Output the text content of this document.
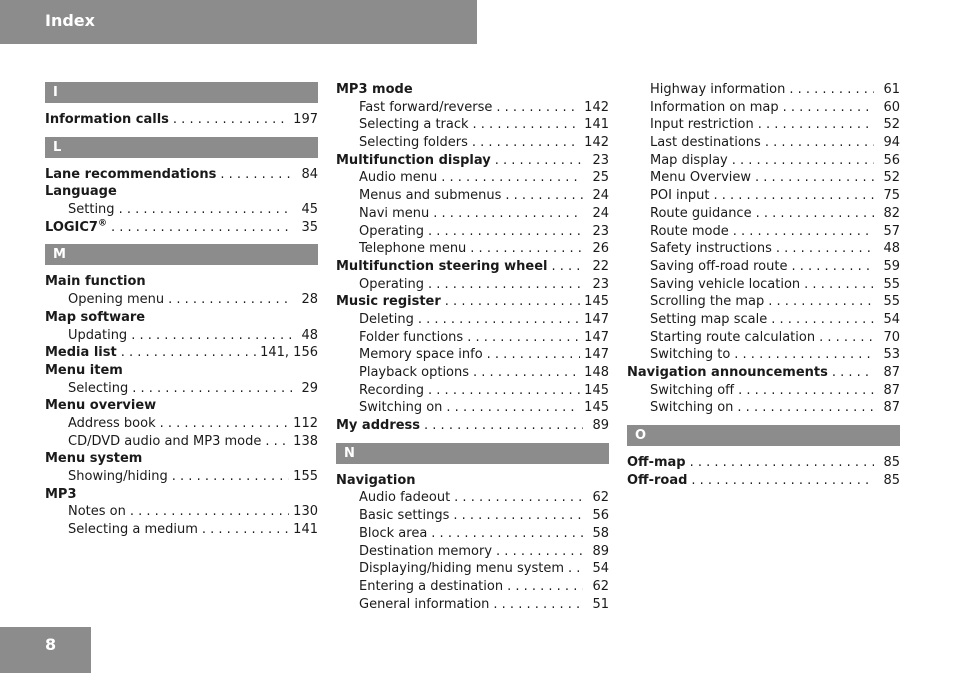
Index
I
Information calls . . .	197
L
Lane recommendations . . .	84
Language
Setting . . .	45
LOGIC7® . . .	35
M
Main function
Opening menu . . .	28
Map software
Updating . . .	48
Media list . . .	141, 156
Menu item
Selecting . . .	29
Menu overview
Address book . . .	112
CD/DVD audio and MP3 mode . . . 138
Menu system
Showing/hiding . . .	155
MP3
Notes on . . .	130
Selecting a medium . . .	141
MP3 mode
Fast forward/reverse . . .	142
Selecting a track . . .	141
Selecting folders . . .	142
Multifunction display . . .	23
Audio menu . . .	25
Menus and submenus . . .	24
Navi menu . . .	24
Operating . . .	23
Telephone menu . . .	26
Multifunction steering wheel . . .	22
Operating . . .	23
Music register . . .	145
Deleting . . .	147
Folder functions . . .	147
Memory space info . . .	147
Playback options . . .	148
Recording . . .	145
Switching on . . .	145
My address . . .	89
N
Navigation
Audio fadeout . . .	62
Basic settings . . .	56
Block area . . .	58
Destination memory . . .	89
Displaying/hiding menu system . . .	54
Entering a destination . . .	62
General information . . .	51
Highway information . . .	61
Information on map . . .	60
Input restriction . . .	52
Last destinations . . .	94
Map display . . .	56
Menu Overview . . .	52
POI input . . .	75
Route guidance . . .	82
Route mode . . .	57
Safety instructions . . .	48
Saving off-road route . . .	59
Saving vehicle location . . .	55
Scrolling the map . . .	55
Setting map scale . . .	54
Starting route calculation . . .	70
Switching to . . .	53
Navigation announcements . . .	87
Switching off . . .	87
Switching on . . .	87
O
Off-map . . .	85
Off-road . . .	85
8
